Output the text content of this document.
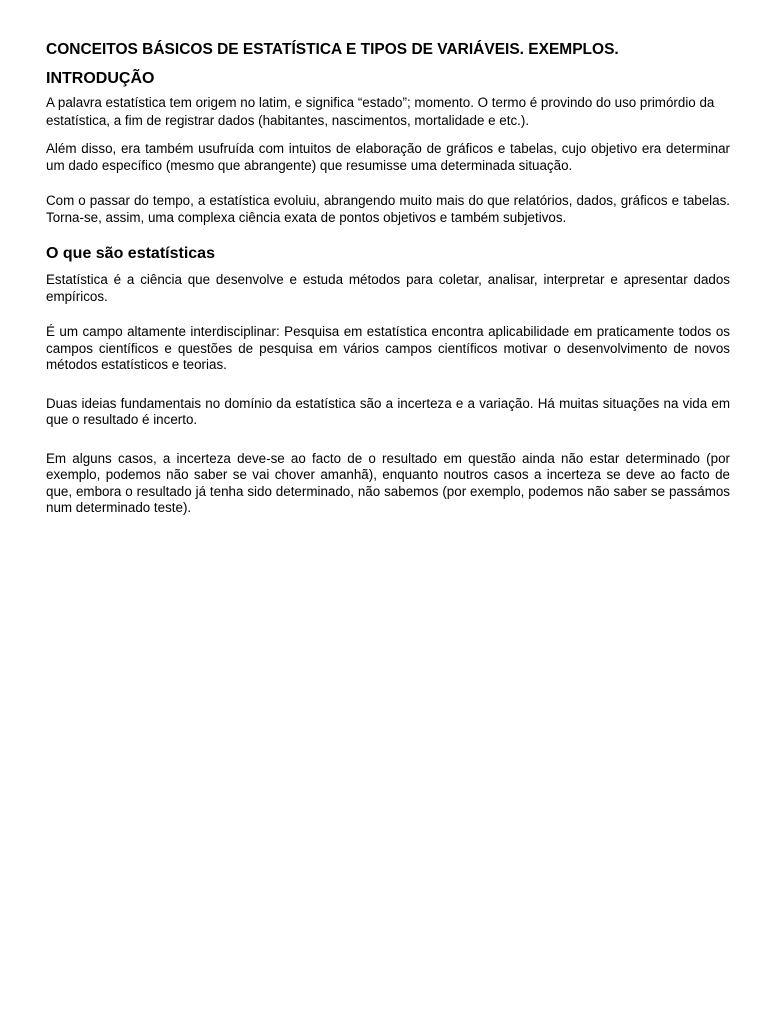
CONCEITOS BÁSICOS DE ESTATÍSTICA E TIPOS DE VARIÁVEIS. EXEMPLOS.
INTRODUÇÃO

A palavra estatística tem origem no latim, e significa “estado”; momento. O termo é provindo do uso primórdio da estatística, a fim de registrar dados (habitantes, nascimentos, mortalidade e etc.).

Além disso, era também usufruída com intuitos de elaboração de gráficos e tabelas, cujo objetivo era determinar um dado específico (mesmo que abrangente) que resumisse uma determinada situação.

Com o passar do tempo, a estatística evoluiu, abrangendo muito mais do que relatórios, dados, gráficos e tabelas. Torna-se, assim, uma complexa ciência exata de pontos objetivos e também subjetivos.

O que são estatísticas

Estatística é a ciência que desenvolve e estuda métodos para coletar, analisar, interpretar e apresentar dados empíricos.

É um campo altamente interdisciplinar: Pesquisa em estatística encontra aplicabilidade em praticamente todos os campos científicos e questões de pesquisa em vários campos científicos motivar o desenvolvimento de novos métodos estatísticos e teorias.

Duas ideias fundamentais no domínio da estatística são a incerteza e a variação. Há muitas situações na vida em que o resultado é incerto.

Em alguns casos, a incerteza deve-se ao facto de o resultado em questão ainda não estar determinado (por exemplo, podemos não saber se vai chover amanhã), enquanto noutros casos a incerteza se deve ao facto de que, embora o resultado já tenha sido determinado, não sabemos (por exemplo, podemos não saber se passámos num determinado teste).
